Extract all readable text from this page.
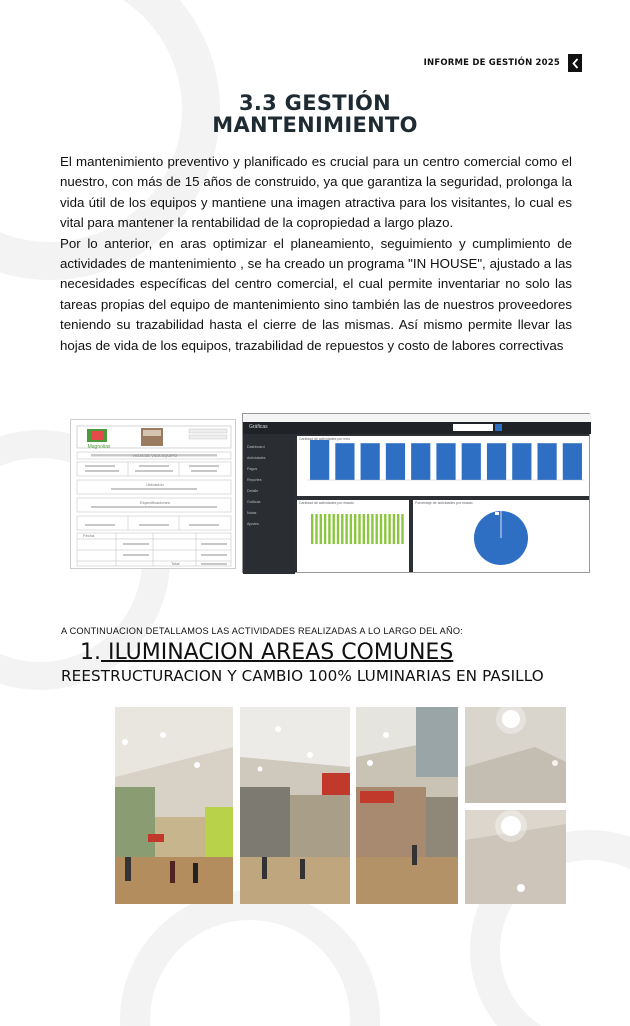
INFORME DE GESTIÓN 2025
3.3 GESTIÓN
MANTENIMIENTO

El mantenimiento preventivo y planificado es crucial para un centro comercial como el nuestro, con más de 15 años de construido, ya que garantiza la seguridad, prolonga la vida útil de los equipos y mantiene una imagen atractiva para los visitantes, lo cual es vital para mantener la rentabilidad de la copropiedad a largo plazo.

Por lo anterior, en aras optimizar el planeamiento, seguimiento y cumplimiento de actividades de mantenimiento , se ha creado un programa "IN HOUSE", ajustado a las necesidades específicas del centro comercial, el cual permite inventariar no solo las tareas propias del equipo de mantenimiento sino también las de nuestros proveedores teniendo su trazabilidad hasta el cierre de las mismas. Así mismo permite llevar las hojas de vida de los equipos, trazabilidad de repuestos y costo de labores correctivas

Magnolias
HOJA DE VIDA EQUIPO
Ubicación
Especificaciones
Fecha
Total
Gráficas
Cantidad de actividades por mes
Cantidad de actividades por estado	Porcentaje de actividades por estado
Dashboard
Actividades
Pagos
Reportes
Detalle
Gráficas
Notas
Ajustes
A CONTINUACION DETALLAMOS LAS ACTIVIDADES REALIZADAS A LO LARGO DEL AÑO:
1. ILUMINACION AREAS COMUNES
REESTRUCTURACION Y CAMBIO 100% LUMINARIAS EN PASILLO
